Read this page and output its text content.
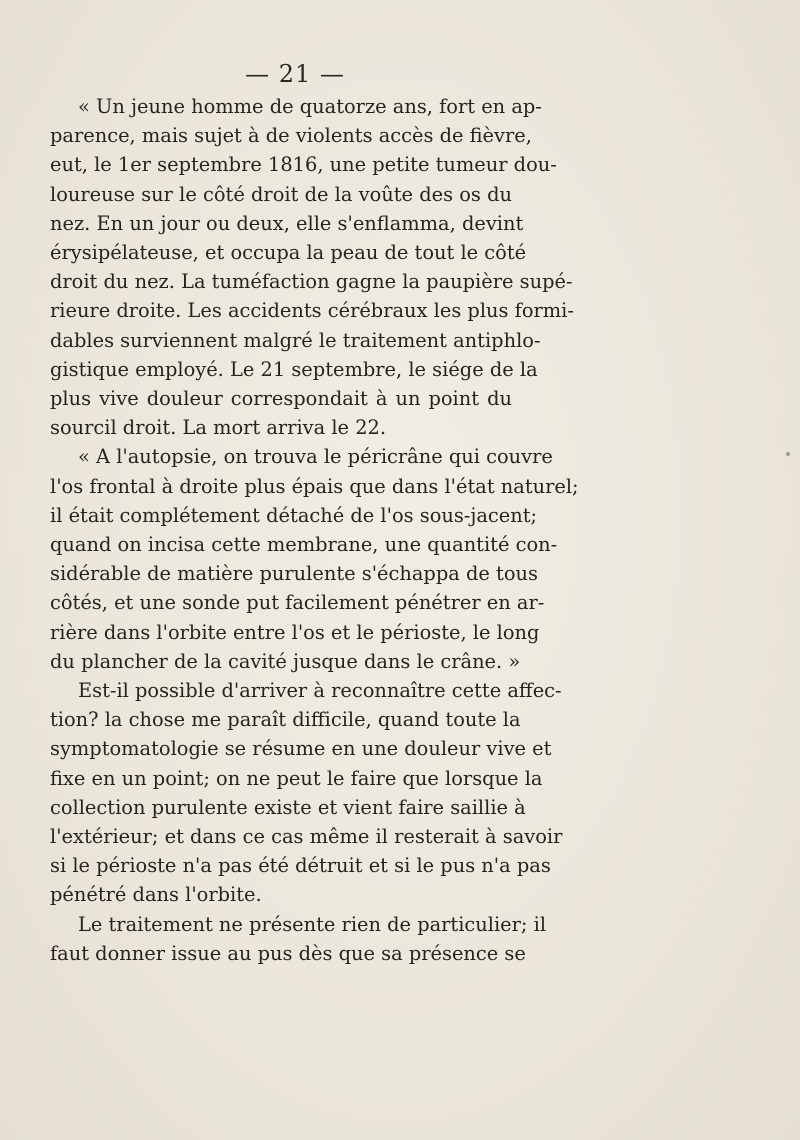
— 21 —
« Un jeune homme de quatorze ans, fort en ap-
parence, mais sujet à de violents accès de fièvre,
eut, le 1er septembre 1816, une petite tumeur dou-
loureuse sur le côté droit de la voûte des os du
nez. En un jour ou deux, elle s'enflamma, devint
érysipélateuse, et occupa la peau de tout le côté
droit du nez. La tuméfaction gagne la paupière supé-
rieure droite. Les accidents cérébraux les plus formi-
dables surviennent malgré le traitement antiphlo-
gistique employé. Le 21 septembre, le siége de la
plus vive douleur correspondait à un point du
sourcil droit. La mort arriva le 22.
« A l'autopsie, on trouva le péricrâne qui couvre
l'os frontal à droite plus épais que dans l'état naturel;
il était complétement détaché de l'os sous-jacent;
quand on incisa cette membrane, une quantité con-
sidérable de matière purulente s'échappa de tous
côtés, et une sonde put facilement pénétrer en ar-
rière dans l'orbite entre l'os et le périoste, le long
du plancher de la cavité jusque dans le crâne. »
Est-il possible d'arriver à reconnaître cette affec-
tion? la chose me paraît difficile, quand toute la
symptomatologie se résume en une douleur vive et
fixe en un point; on ne peut le faire que lorsque la
collection purulente existe et vient faire saillie à
l'extérieur; et dans ce cas même il resterait à savoir
si le périoste n'a pas été détruit et si le pus n'a pas
pénétré dans l'orbite.
Le traitement ne présente rien de particulier; il
faut donner issue au pus dès que sa présence se
